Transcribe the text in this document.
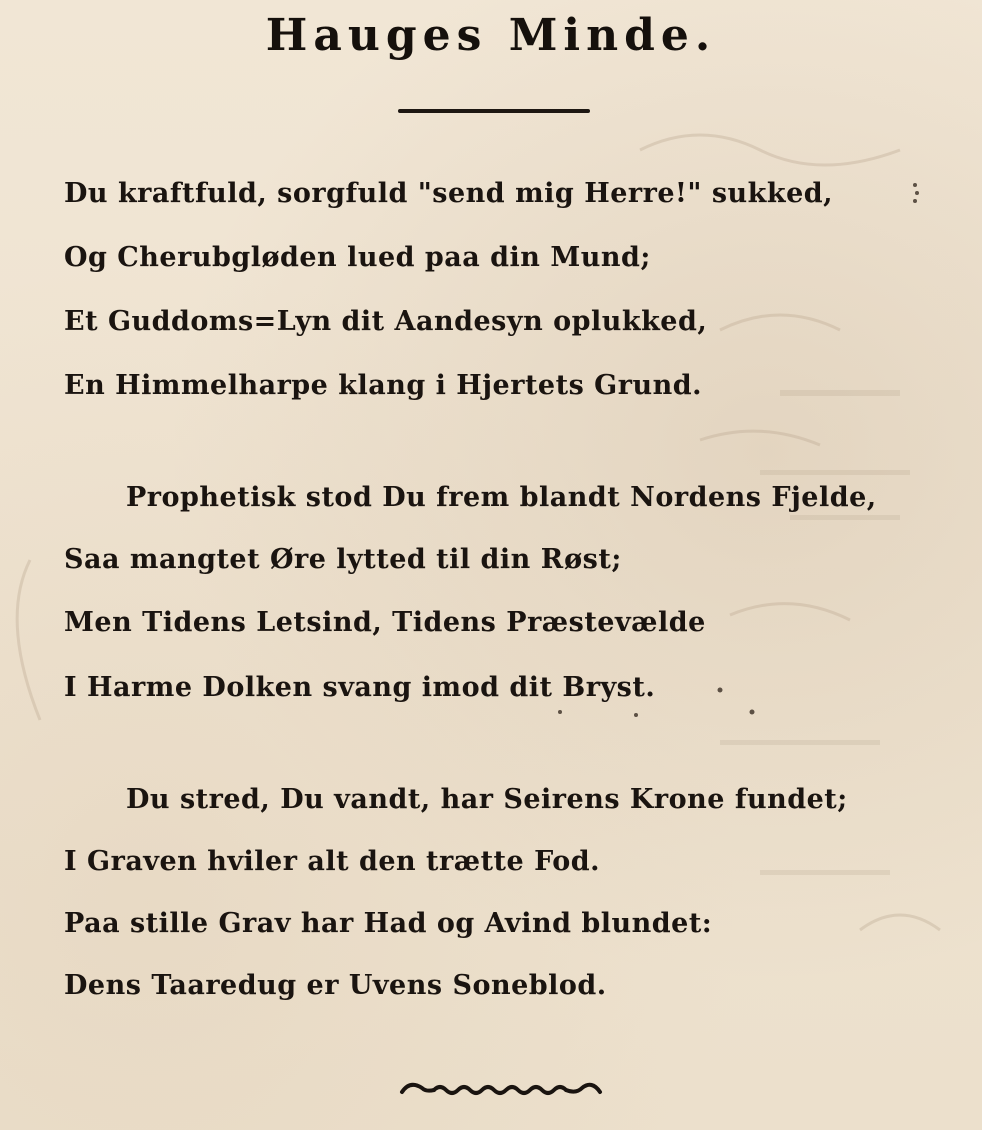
Hauges Minde.
Du kraftfuld, sorgfuld "send mig Herre!" sukked,
Og Cherubgløden lued paa din Mund;
Et Guddoms=Lyn dit Aandesyn oplukked,
En Himmelharpe klang i Hjertets Grund.
Prophetisk stod Du frem blandt Nordens Fjelde,
Saa mangtet Øre lytted til din Røst;
Men Tidens Letsind, Tidens Præstevælde
I Harme Dolken svang imod dit Bryst.
Du stred, Du vandt, har Seirens Krone fundet;
I Graven hviler alt den trætte Fod.
Paa stille Grav har Had og Avind blundet:
Dens Taaredug er Uvens Soneblod.
